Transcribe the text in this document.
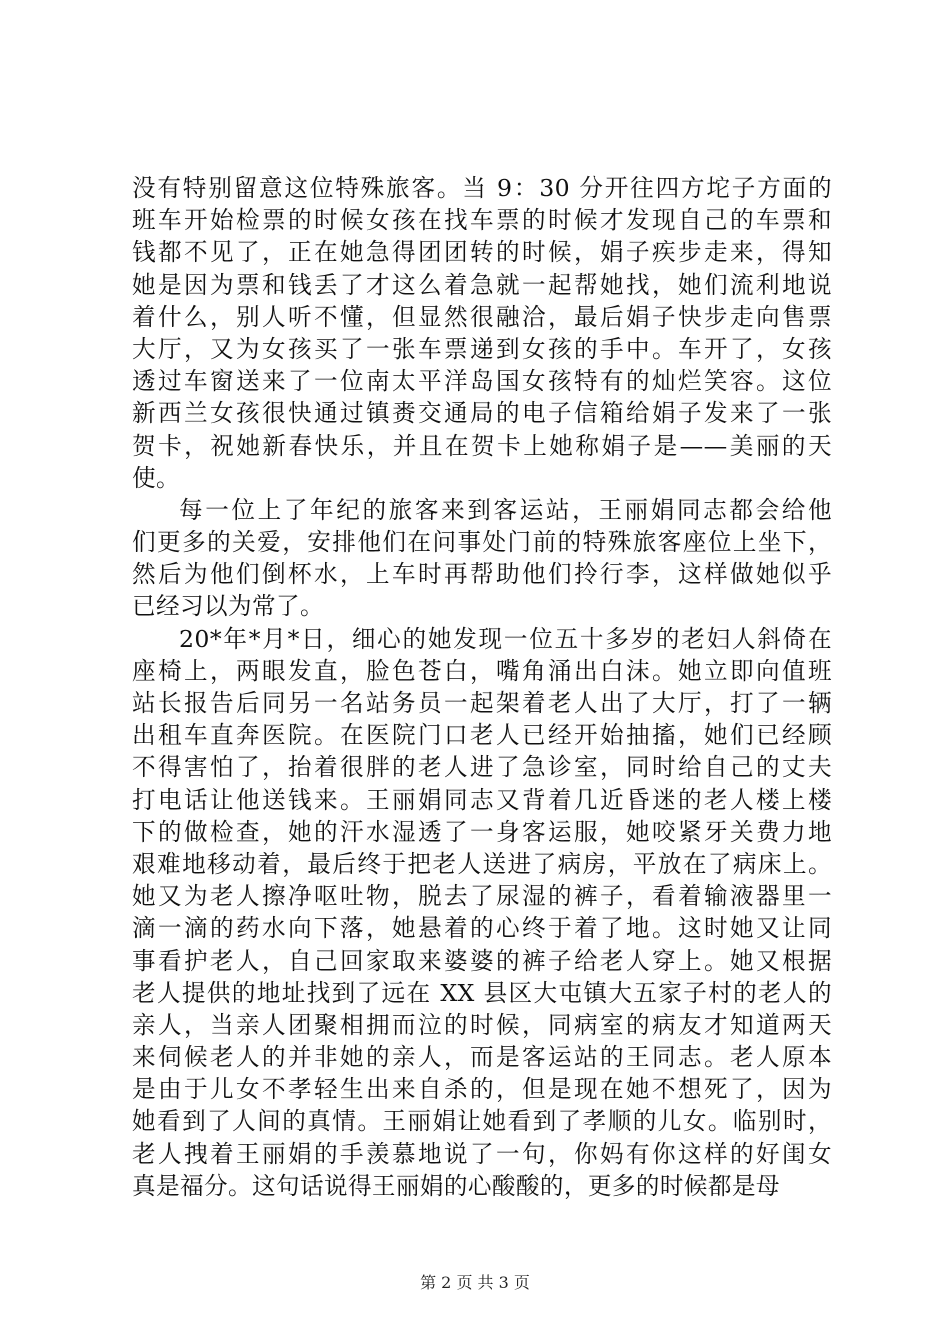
没有特别留意这位特殊旅客。当 9：30 分开往四方坨子方面的
班车开始检票的时候女孩在找车票的时候才发现自己的车票和
钱都不见了，正在她急得团团转的时候，娟子疾步走来，得知
她是因为票和钱丢了才这么着急就一起帮她找，她们流利地说
着什么，别人听不懂，但显然很融洽，最后娟子快步走向售票
大厅，又为女孩买了一张车票递到女孩的手中。车开了，女孩
透过车窗送来了一位南太平洋岛国女孩特有的灿烂笑容。这位
新西兰女孩很快通过镇赉交通局的电子信箱给娟子发来了一张
贺卡，祝她新春快乐，并且在贺卡上她称娟子是——美丽的天
使。
每一位上了年纪的旅客来到客运站，王丽娟同志都会给他
们更多的关爱，安排他们在问事处门前的特殊旅客座位上坐下，
然后为他们倒杯水，上车时再帮助他们拎行李，这样做她似乎
已经习以为常了。
20*年*月*日，细心的她发现一位五十多岁的老妇人斜倚在
座椅上，两眼发直，脸色苍白，嘴角涌出白沫。她立即向值班
站长报告后同另一名站务员一起架着老人出了大厅，打了一辆
出租车直奔医院。在医院门口老人已经开始抽搐，她们已经顾
不得害怕了，抬着很胖的老人进了急诊室，同时给自己的丈夫
打电话让他送钱来。王丽娟同志又背着几近昏迷的老人楼上楼
下的做检查，她的汗水湿透了一身客运服，她咬紧牙关费力地
艰难地移动着，最后终于把老人送进了病房，平放在了病床上。
她又为老人擦净呕吐物，脱去了尿湿的裤子，看着输液器里一
滴一滴的药水向下落，她悬着的心终于着了地。这时她又让同
事看护老人，自己回家取来婆婆的裤子给老人穿上。她又根据
老人提供的地址找到了远在 XX 县区大屯镇大五家子村的老人的
亲人，当亲人团聚相拥而泣的时候，同病室的病友才知道两天
来伺候老人的并非她的亲人，而是客运站的王同志。老人原本
是由于儿女不孝轻生出来自杀的，但是现在她不想死了，因为
她看到了人间的真情。王丽娟让她看到了孝顺的儿女。临别时，
老人拽着王丽娟的手羡慕地说了一句，你妈有你这样的好闺女
真是福分。这句话说得王丽娟的心酸酸的，更多的时候都是母
第 2 页 共 3 页
